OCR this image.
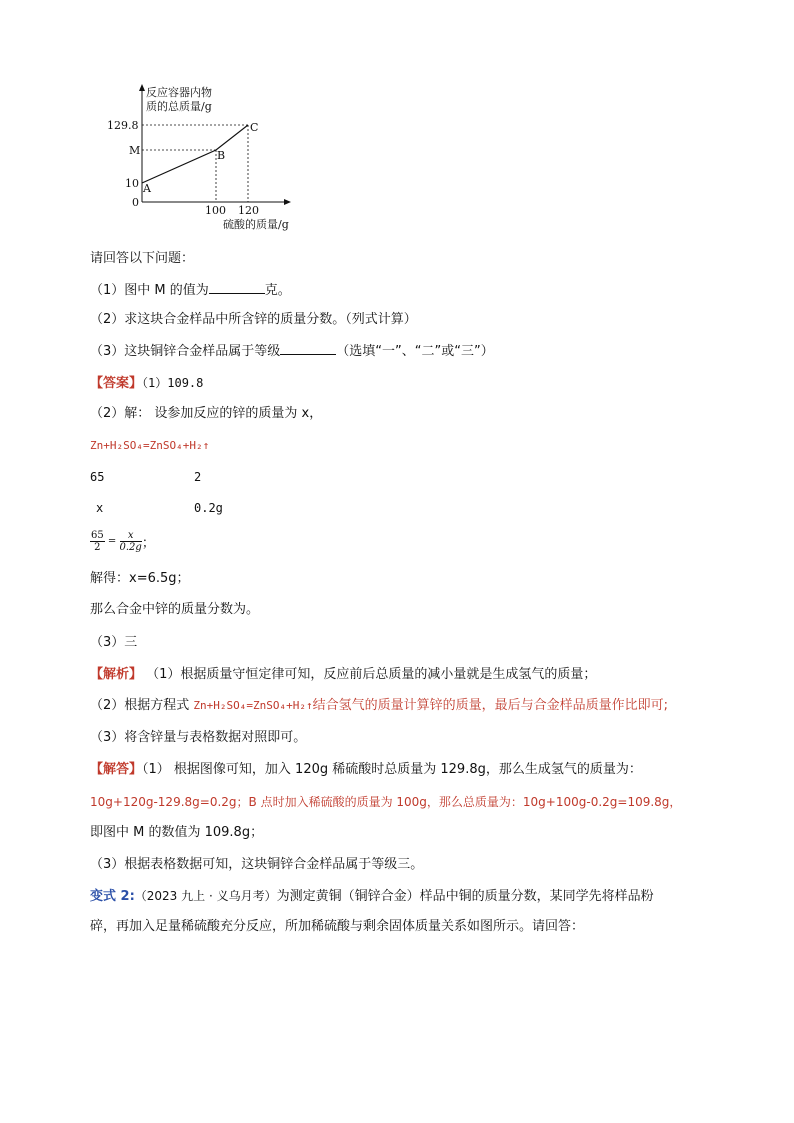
反应容器内物
质的总质量/g
129.8
M
10
0
A
B
C
100 120
硫酸的质量/g
请回答以下问题：
（1）图中 M 的值为	克。
（2）求这块合金样品中所含锌的质量分数。（列式计算）
（3）这块铜锌合金样品属于等级	（选填“一”、“二”或“三”）
【答案】（1）109.8
（2）解： 设参加反应的锌的质量为 x，
Zn+H₂SO₄=ZnSO₄+H₂↑
65	2
x	0.2g
$\frac{65}{2} = \frac{x}{0.2g}$ ；
解得：x=6.5g；
那么合金中锌的质量分数为。
（3）三
【解析】 （1）根据质量守恒定律可知，反应前后总质量的减小量就是生成氢气的质量；
（2）根据方程式 Zn+H₂SO₄=ZnSO₄+H₂↑结合氢气的质量计算锌的质量，最后与合金样品质量作比即可;
（3）将含锌量与表格数据对照即可。
【解答】（1） 根据图像可知，加入 120g 稀硫酸时总质量为 129.8g，那么生成氢气的质量为：
10g+120g-129.8g=0.2g；B 点时加入稀硫酸的质量为 100g，那么总质量为：10g+100g-0.2g=109.8g，
即图中 M 的数值为 109.8g；
（3）根据表格数据可知，这块铜锌合金样品属于等级三。
变式 2:（2023 九上 · 义乌月考）为测定黄铜（铜锌合金）样品中铜的质量分数，某同学先将样品粉
碎，再加入足量稀硫酸充分反应，所加稀硫酸与剩余固体质量关系如图所示。请回答：
